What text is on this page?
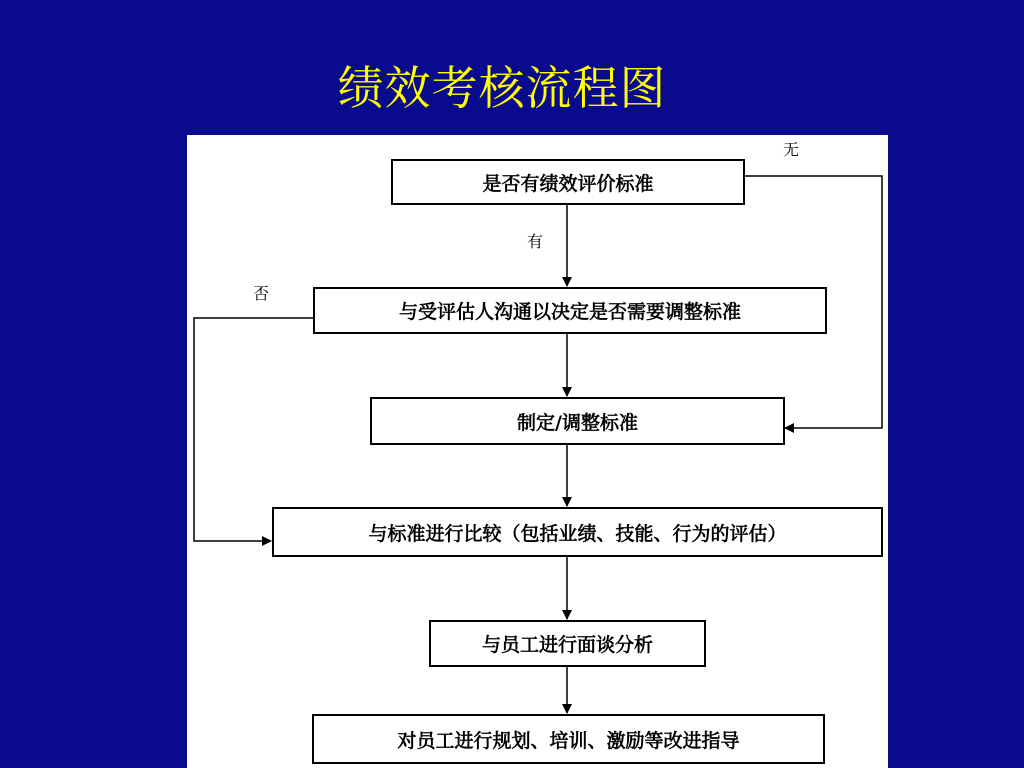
绩效考核流程图
是否有绩效评价标准
与受评估人沟通以决定是否需要调整标准
制定/调整标准
与标准进行比较（包括业绩、技能、行为的评估）
与员工进行面谈分析
对员工进行规划、培训、激励等改进指导
有
无
否
